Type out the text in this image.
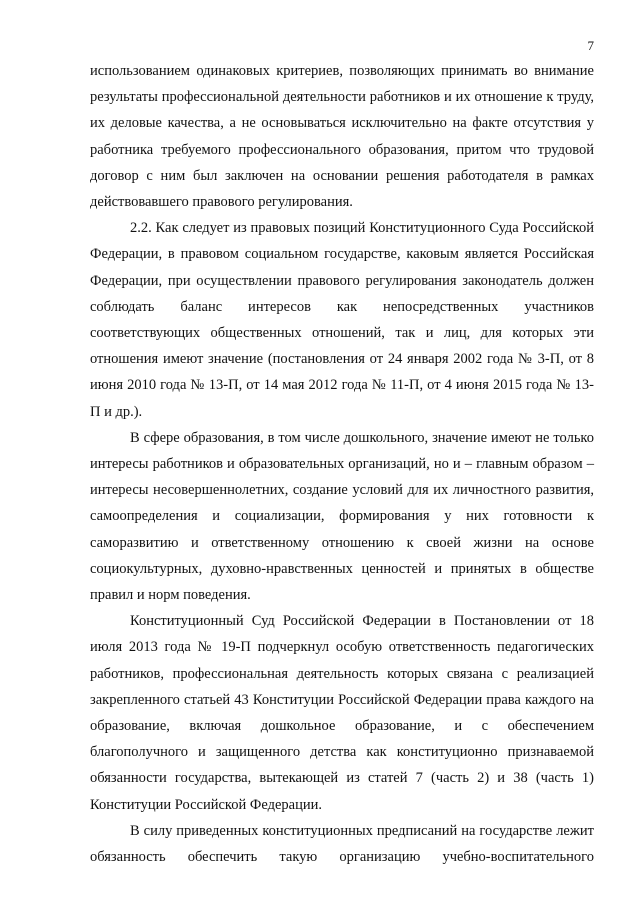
7

использованием одинаковых критериев, позволяющих принимать во внимание результаты профессиональной деятельности работников и их отношение к труду, их деловые качества, а не основываться исключительно на факте отсутствия у работника требуемого профессионального образования, притом что трудовой договор с ним был заключен на основании решения работодателя в рамках действовавшего правового регулирования.

2.2. Как следует из правовых позиций Конституционного Суда Российской Федерации, в правовом социальном государстве, каковым является Российская Федерации, при осуществлении правового регулирования законодатель должен соблюдать баланс интересов как непосредственных участников соответствующих общественных отношений, так и лиц, для которых эти отношения имеют значение (постановления от 24 января 2002 года № 3-П, от 8 июня 2010 года № 13-П, от 14 мая 2012 года № 11-П, от 4 июня 2015 года № 13-П и др.).

В сфере образования, в том числе дошкольного, значение имеют не только интересы работников и образовательных организаций, но и – главным образом – интересы несовершеннолетних, создание условий для их личностного развития, самоопределения и социализации, формирования у них готовности к саморазвитию и ответственному отношению к своей жизни на основе социокультурных, духовно-нравственных ценностей и принятых в обществе правил и норм поведения.

Конституционный Суд Российской Федерации в Постановлении от 18 июля 2013 года № 19-П подчеркнул особую ответственность педагогических работников, профессиональная деятельность которых связана с реализацией закрепленного статьей 43 Конституции Российской Федерации права каждого на образование, включая дошкольное образование, и с обеспечением благополучного и защищенного детства как конституционно признаваемой обязанности государства, вытекающей из статей 7 (часть 2) и 38 (часть 1) Конституции Российской Федерации.

В силу приведенных конституционных предписаний на государстве лежит обязанность обеспечить такую организацию учебно-воспитательного
